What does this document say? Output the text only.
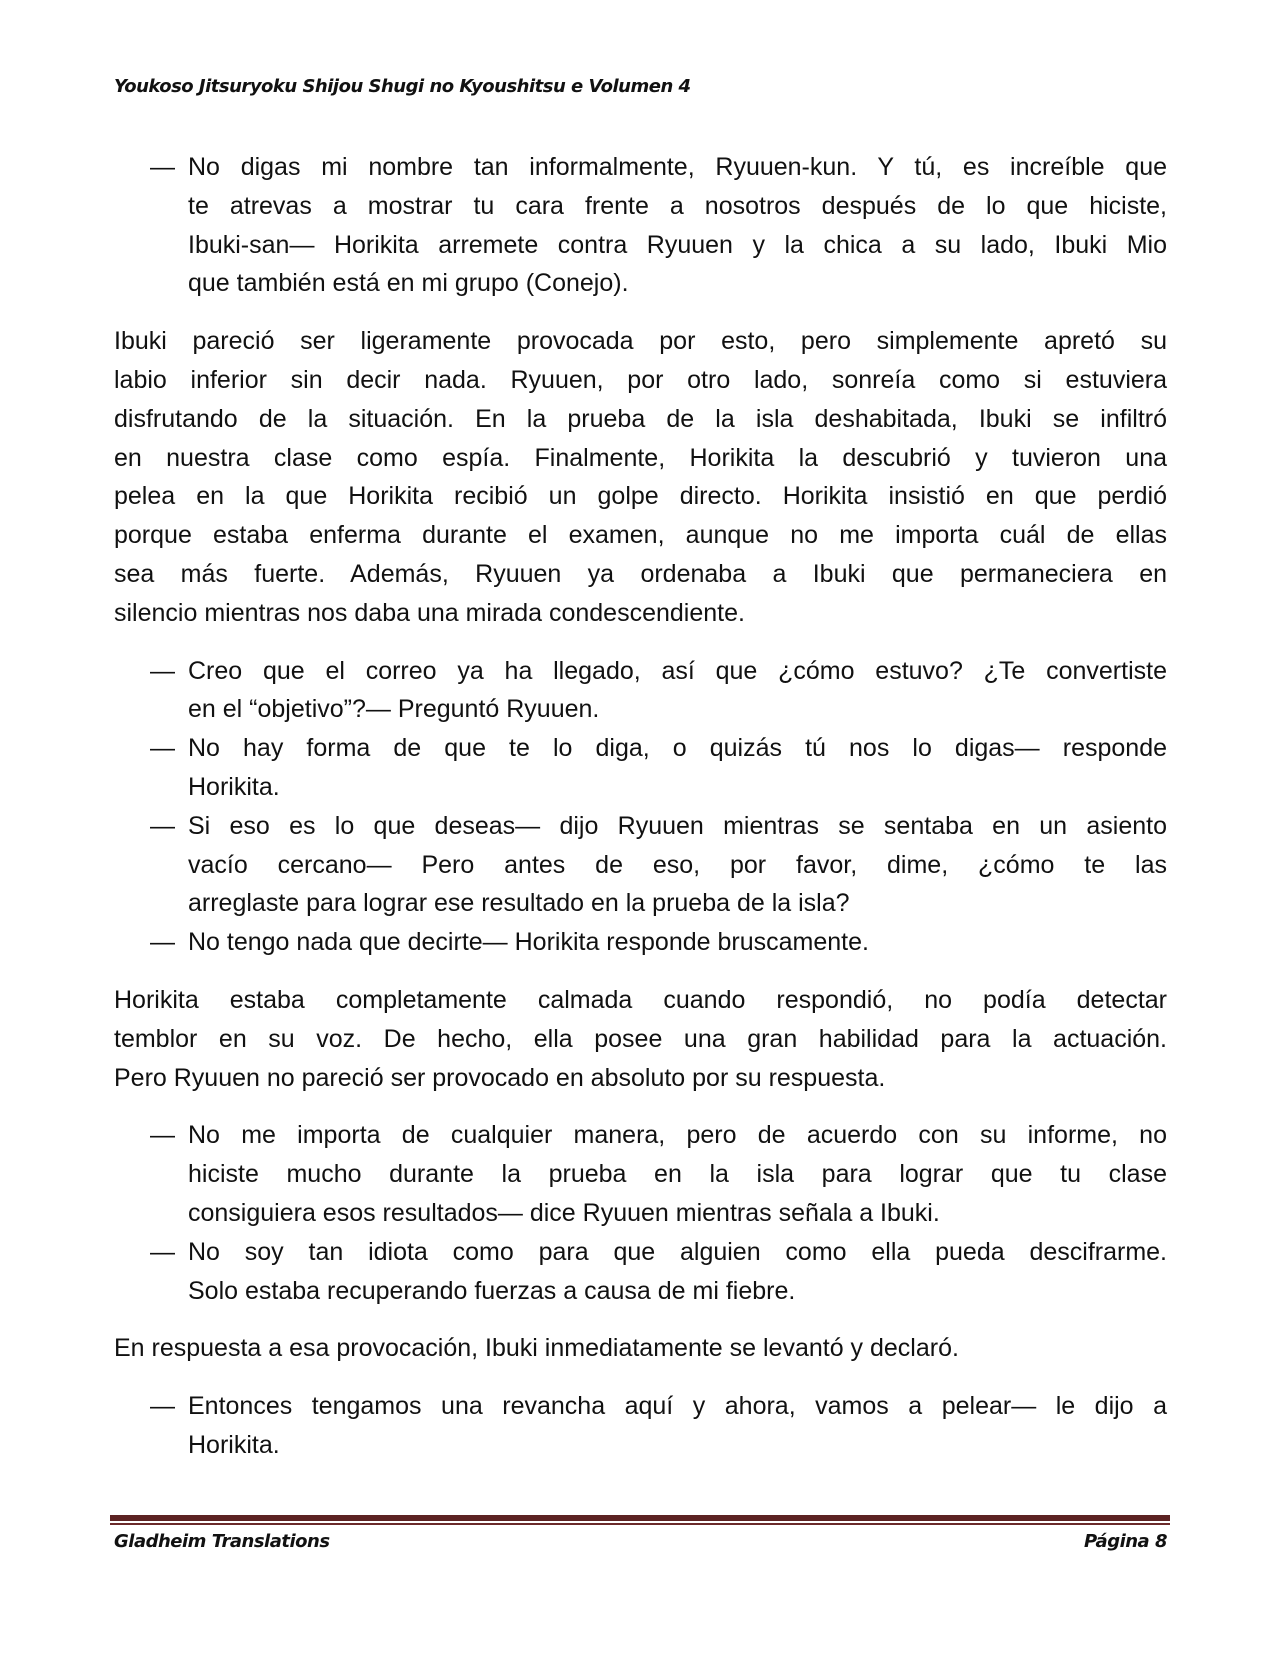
Youkoso Jitsuryoku Shijou Shugi no Kyoushitsu e Volumen 4
— No digas mi nombre tan informalmente, Ryuuen-kun. Y tú, es increíble que
te atrevas a mostrar tu cara frente a nosotros después de lo que hiciste,
Ibuki-san— Horikita arremete contra Ryuuen y la chica a su lado, Ibuki Mio
que también está en mi grupo (Conejo).
Ibuki pareció ser ligeramente provocada por esto, pero simplemente apretó su
labio inferior sin decir nada. Ryuuen, por otro lado, sonreía como si estuviera
disfrutando de la situación. En la prueba de la isla deshabitada, Ibuki se infiltró
en nuestra clase como espía. Finalmente, Horikita la descubrió y tuvieron una
pelea en la que Horikita recibió un golpe directo. Horikita insistió en que perdió
porque estaba enferma durante el examen, aunque no me importa cuál de ellas
sea más fuerte. Además, Ryuuen ya ordenaba a Ibuki que permaneciera en
silencio mientras nos daba una mirada condescendiente.
— Creo que el correo ya ha llegado, así que ¿cómo estuvo? ¿Te convertiste
en el “objetivo”?— Preguntó Ryuuen.
— No hay forma de que te lo diga, o quizás tú nos lo digas— responde
Horikita.
— Si eso es lo que deseas— dijo Ryuuen mientras se sentaba en un asiento
vacío cercano— Pero antes de eso, por favor, dime, ¿cómo te las
arreglaste para lograr ese resultado en la prueba de la isla?
— No tengo nada que decirte— Horikita responde bruscamente.
Horikita estaba completamente calmada cuando respondió, no podía detectar
temblor en su voz. De hecho, ella posee una gran habilidad para la actuación.
Pero Ryuuen no pareció ser provocado en absoluto por su respuesta.
— No me importa de cualquier manera, pero de acuerdo con su informe, no
hiciste mucho durante la prueba en la isla para lograr que tu clase
consiguiera esos resultados— dice Ryuuen mientras señala a Ibuki.
— No soy tan idiota como para que alguien como ella pueda descifrarme.
Solo estaba recuperando fuerzas a causa de mi fiebre.
En respuesta a esa provocación, Ibuki inmediatamente se levantó y declaró.
— Entonces tengamos una revancha aquí y ahora, vamos a pelear— le dijo a
Horikita.
Gladheim Translations	Página 8
